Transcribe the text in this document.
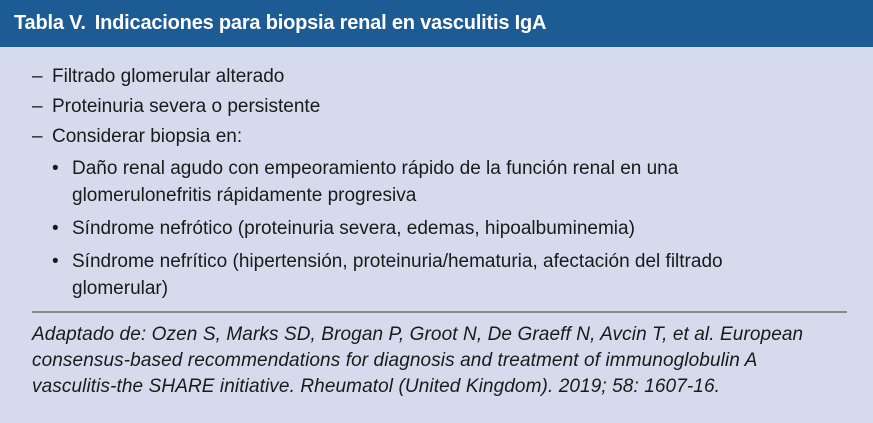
Tabla V. Indicaciones para biopsia renal en vasculitis IgA
– Filtrado glomerular alterado
– Proteinuria severa o persistente
– Considerar biopsia en:
• Daño renal agudo con empeoramiento rápido de la función renal en una
glomerulonefritis rápidamente progresiva
• Síndrome nefrótico (proteinuria severa, edemas, hipoalbuminemia)
• Síndrome nefrítico (hipertensión, proteinuria/hematuria, afectación del filtrado
glomerular)
Adaptado de: Ozen S, Marks SD, Brogan P, Groot N, De Graeff N, Avcin T, et al. European
consensus-based recommendations for diagnosis and treatment of immunoglobulin A
vasculitis-the SHARE initiative. Rheumatol (United Kingdom). 2019; 58: 1607-16.
